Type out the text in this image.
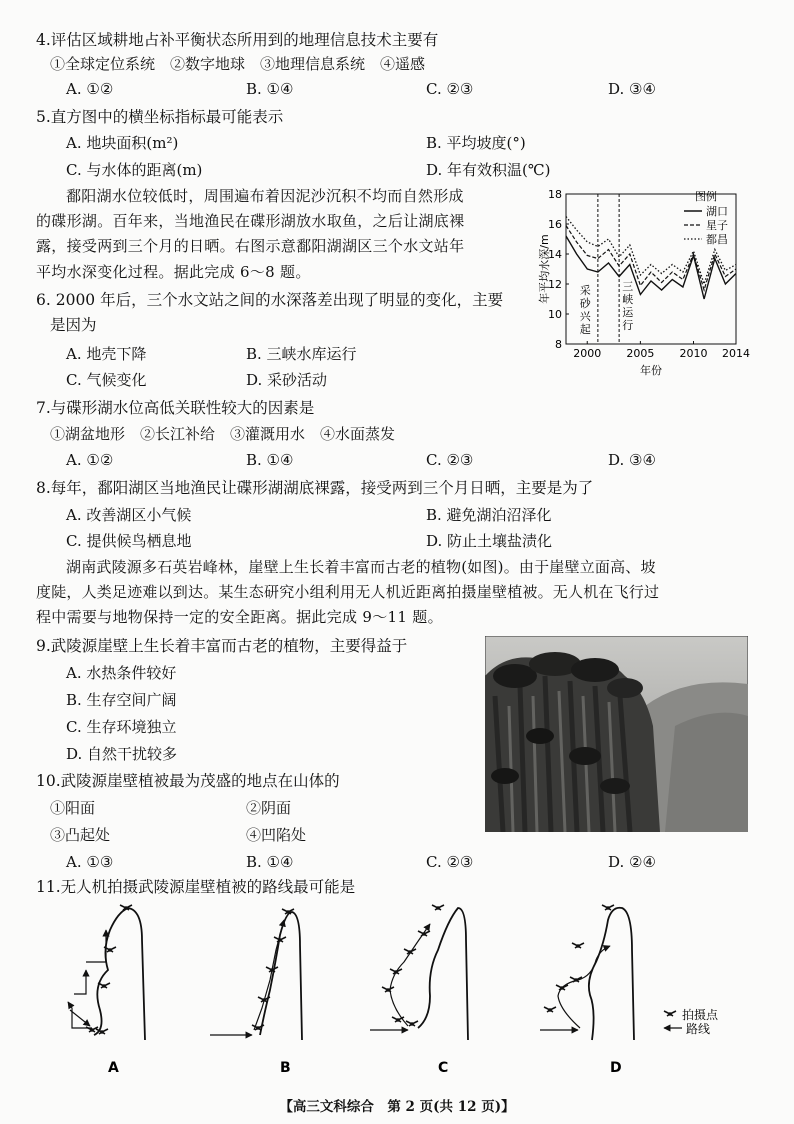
4.评估区域耕地占补平衡状态所用到的地理信息技术主要有
①全球定位系统　②数字地球　③地理信息系统　④遥感
A. ①②	B. ①④	C. ②③	D. ③④
5.直方图中的横坐标指标最可能表示
A. 地块面积(m²)	B. 平均坡度(°)
C. 与水体的距离(m)	D. 年有效积温(℃)
鄱阳湖水位较低时，周围遍布着因泥沙沉积不均而自然形成
的碟形湖。百年来，当地渔民在碟形湖放水取鱼，之后让湖底裸
露，接受两到三个月的日晒。右图示意鄱阳湖湖区三个水文站年
平均水深变化过程。据此完成 6～8 题。
8
10
12
14
16
18
2000 2005 2010 2014
年平均水深/m
年份
采
砂
兴
起
三
峡
运
行
图例
湖口
星子
都昌
6. 2000 年后，三个水文站之间的水深落差出现了明显的变化，主要
是因为
A. 地壳下降	B. 三峡水库运行
C. 气候变化	D. 采砂活动
7.与碟形湖水位高低关联性较大的因素是
①湖盆地形　②长江补给　③灌溉用水　④水面蒸发
A. ①②	B. ①④	C. ②③	D. ③④
8.每年，鄱阳湖区当地渔民让碟形湖湖底裸露，接受两到三个月日晒，主要是为了
A. 改善湖区小气候	B. 避免湖泊沼泽化
C. 提供候鸟栖息地	D. 防止土壤盐渍化
湖南武陵源多石英岩峰林，崖壁上生长着丰富而古老的植物(如图)。由于崖壁立面高、坡
度陡，人类足迹难以到达。某生态研究小组利用无人机近距离拍摄崖壁植被。无人机在飞行过
程中需要与地物保持一定的安全距离。据此完成 9～11 题。
9.武陵源崖壁上生长着丰富而古老的植物，主要得益于
A. 水热条件较好
B. 生存空间广阔
C. 生存环境独立
D. 自然干扰较多
10.武陵源崖壁植被最为茂盛的地点在山体的
①阳面	②阴面
③凸起处	④凹陷处
A. ①③	B. ①④	C. ②③	D. ②④
11.无人机拍摄武陵源崖壁植被的路线最可能是
拍摄点
路线
A	B	C	D
【高三文科综合　第 2 页(共 12 页)】
